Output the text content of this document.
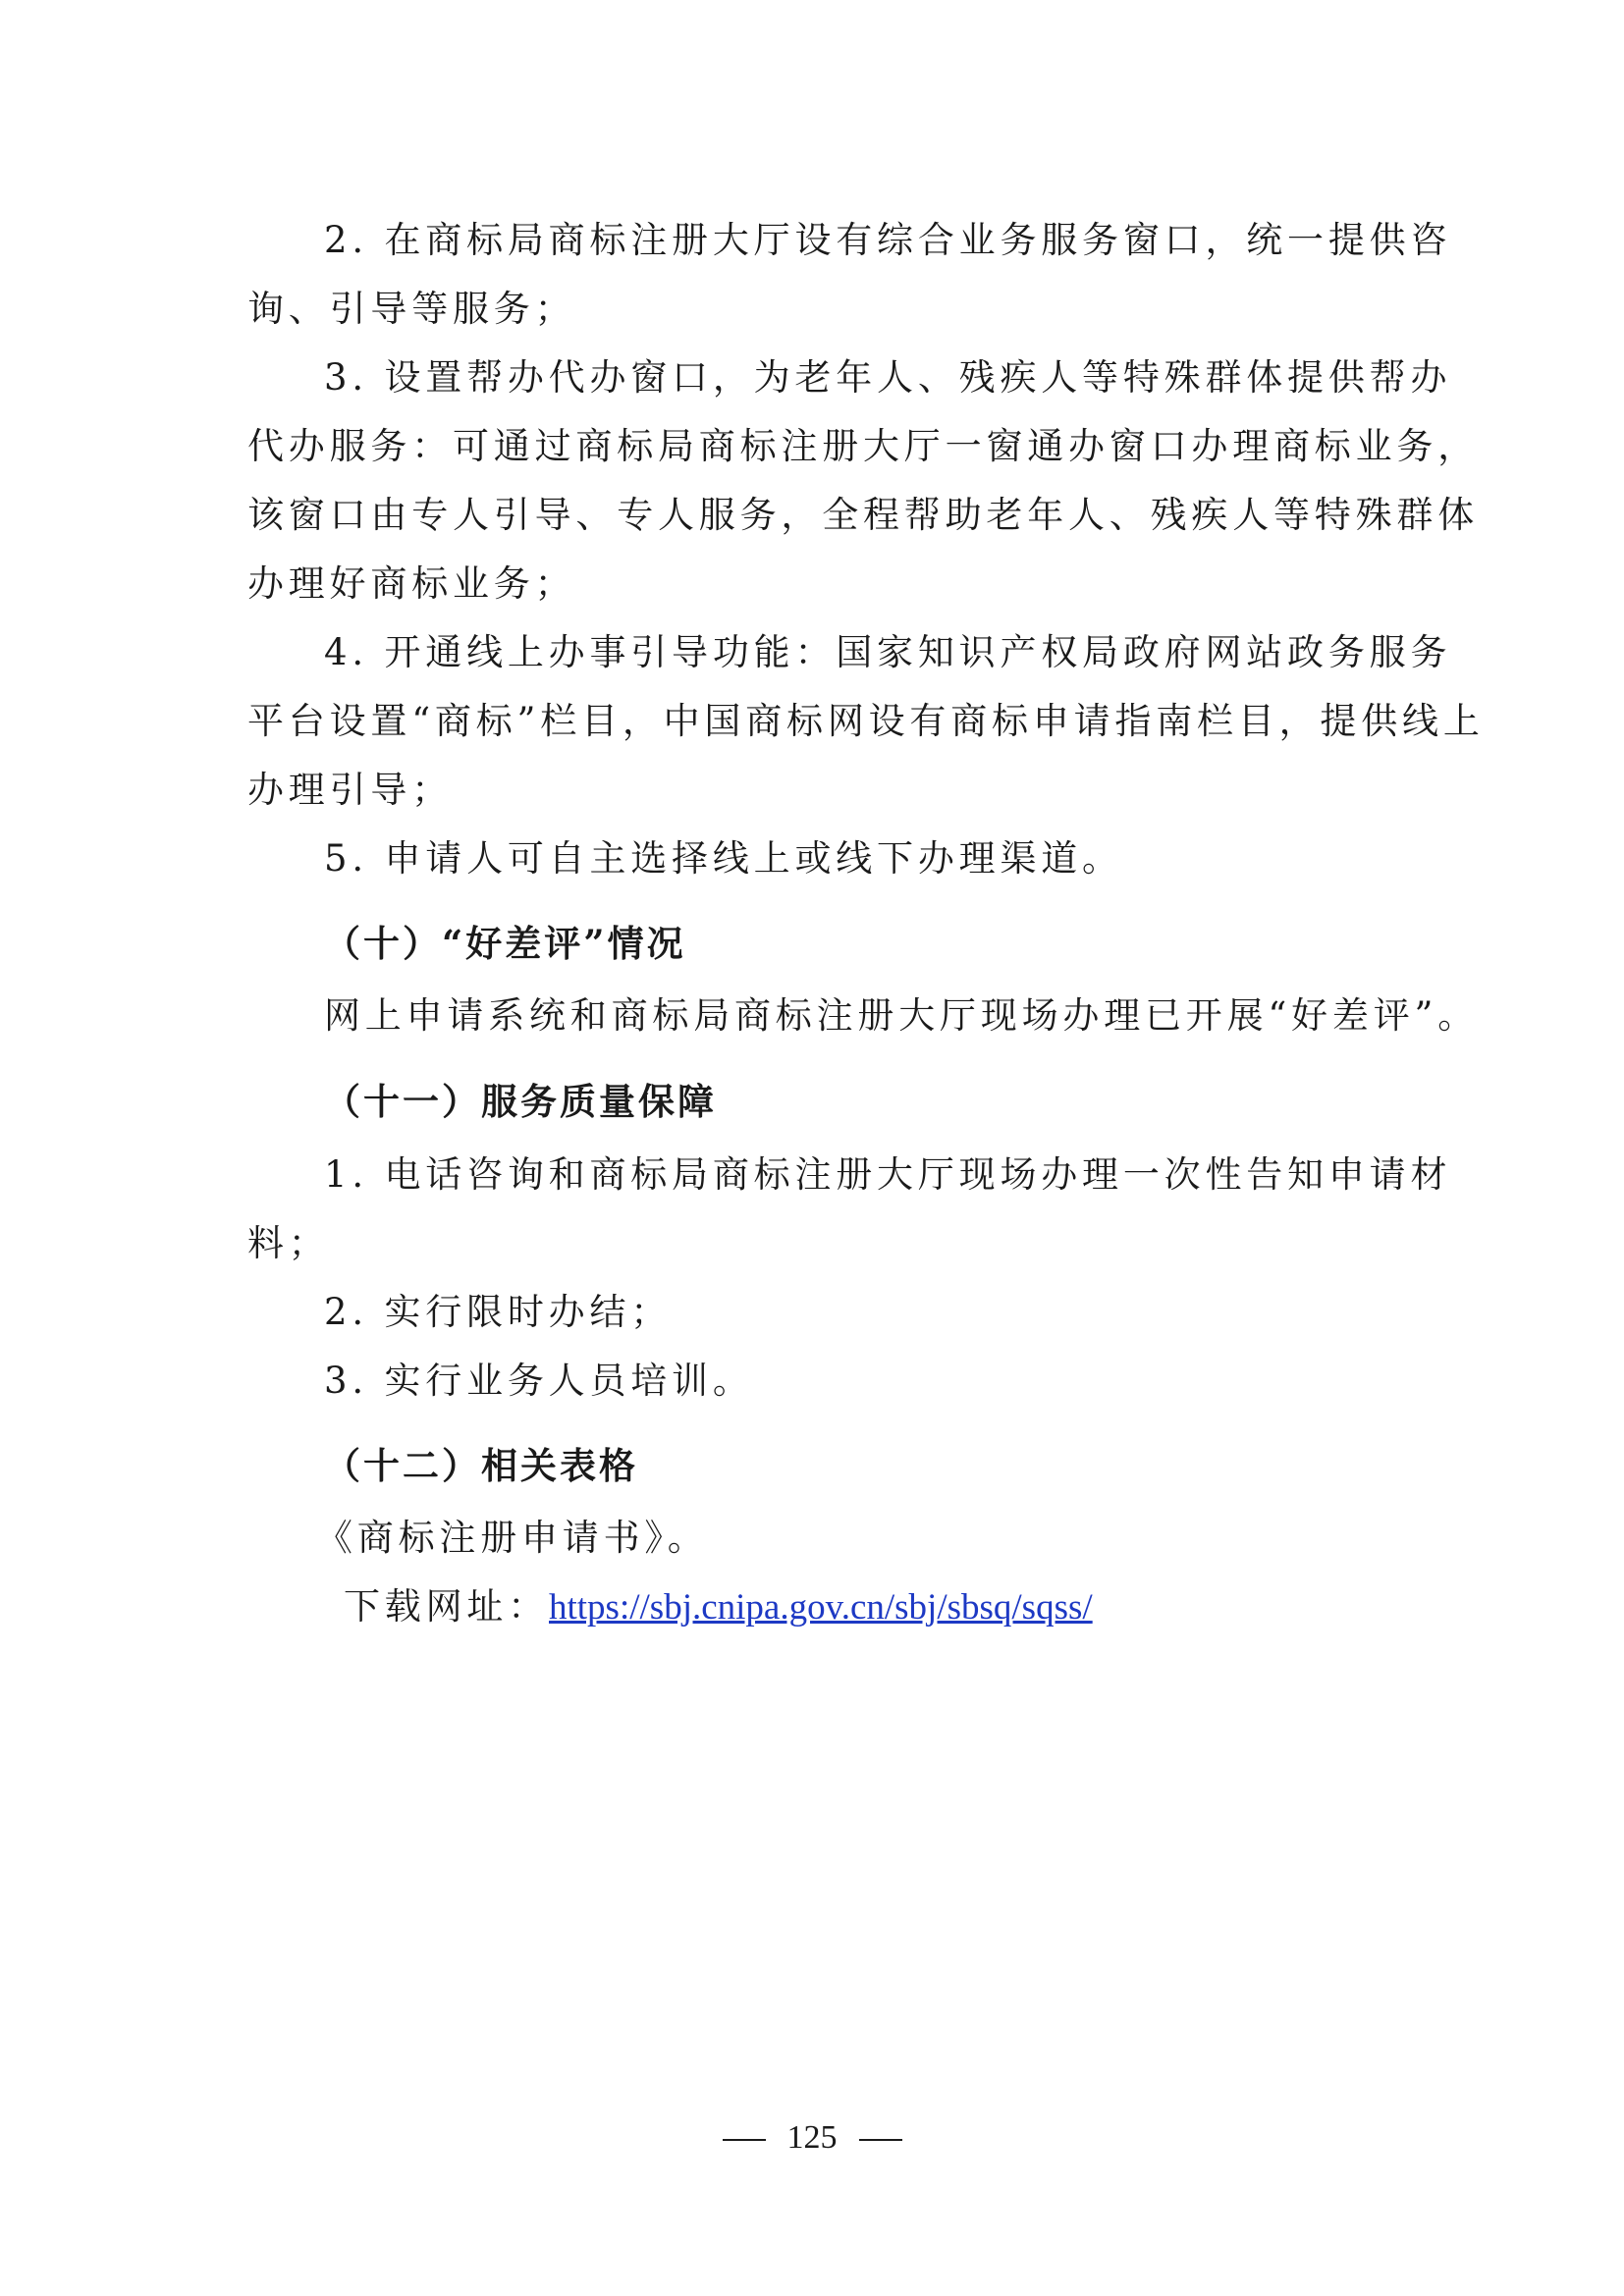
2. 在商标局商标注册大厅设有综合业务服务窗口，统一提供咨

询、引导等服务；

3. 设置帮办代办窗口，为老年人、残疾人等特殊群体提供帮办

代办服务：可通过商标局商标注册大厅一窗通办窗口办理商标业务，

该窗口由专人引导、专人服务，全程帮助老年人、残疾人等特殊群体

办理好商标业务；

4. 开通线上办事引导功能：国家知识产权局政府网站政务服务

平台设置“商标”栏目，中国商标网设有商标申请指南栏目，提供线上

办理引导；

5. 申请人可自主选择线上或线下办理渠道。

（十）“好差评”情况

网上申请系统和商标局商标注册大厅现场办理已开展“好差评”。

（十一）服务质量保障

1. 电话咨询和商标局商标注册大厅现场办理一次性告知申请材

料；

2. 实行限时办结；

3. 实行业务人员培训。

（十二）相关表格

《商标注册申请书》。

下载网址：https://sbj.cnipa.gov.cn/sbj/sbsq/sqss/

125
